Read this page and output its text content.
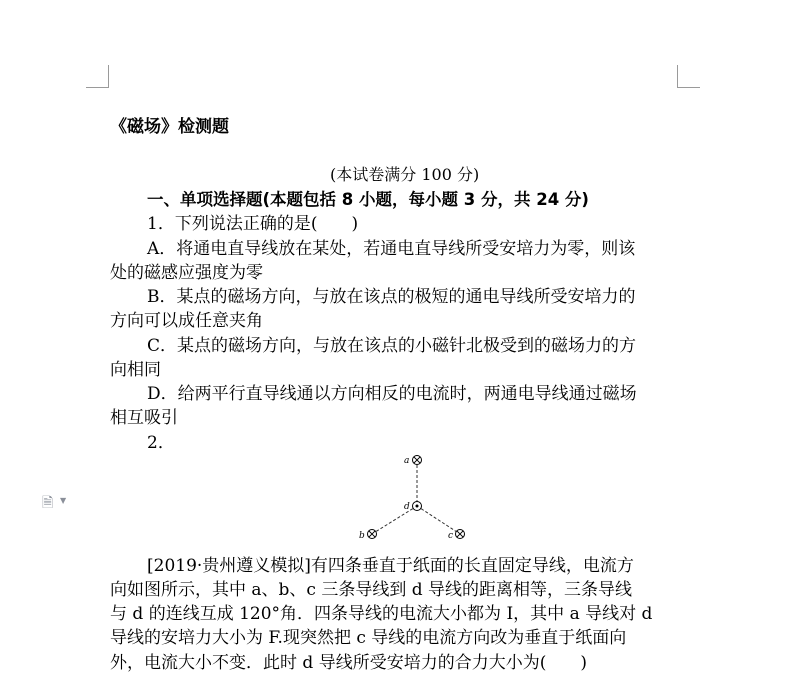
《磁场》检测题
(本试卷满分 100 分)
一、单项选择题(本题包括 8 小题，每小题 3 分，共 24 分)
1．下列说法正确的是(　　)
A．将通电直导线放在某处，若通电直导线所受安培力为零，则该
处的磁感应强度为零
B．某点的磁场方向，与放在该点的极短的通电导线所受安培力的
方向可以成任意夹角
C．某点的磁场方向，与放在该点的小磁针北极受到的磁场力的方
向相同
D．给两平行直导线通以方向相反的电流时，两通电导线通过磁场
相互吸引
2．
a
d
b	c
[2019·贵州遵义模拟]有四条垂直于纸面的长直固定导线，电流方
向如图所示，其中 a、b、c 三条导线到 d 导线的距离相等，三条导线
与 d 的连线互成 120°角．四条导线的电流大小都为 I，其中 a 导线对 d
导线的安培力大小为 F.现突然把 c 导线的电流方向改为垂直于纸面向
外，电流大小不变．此时 d 导线所受安培力的合力大小为(　　)
🗎 ▼
